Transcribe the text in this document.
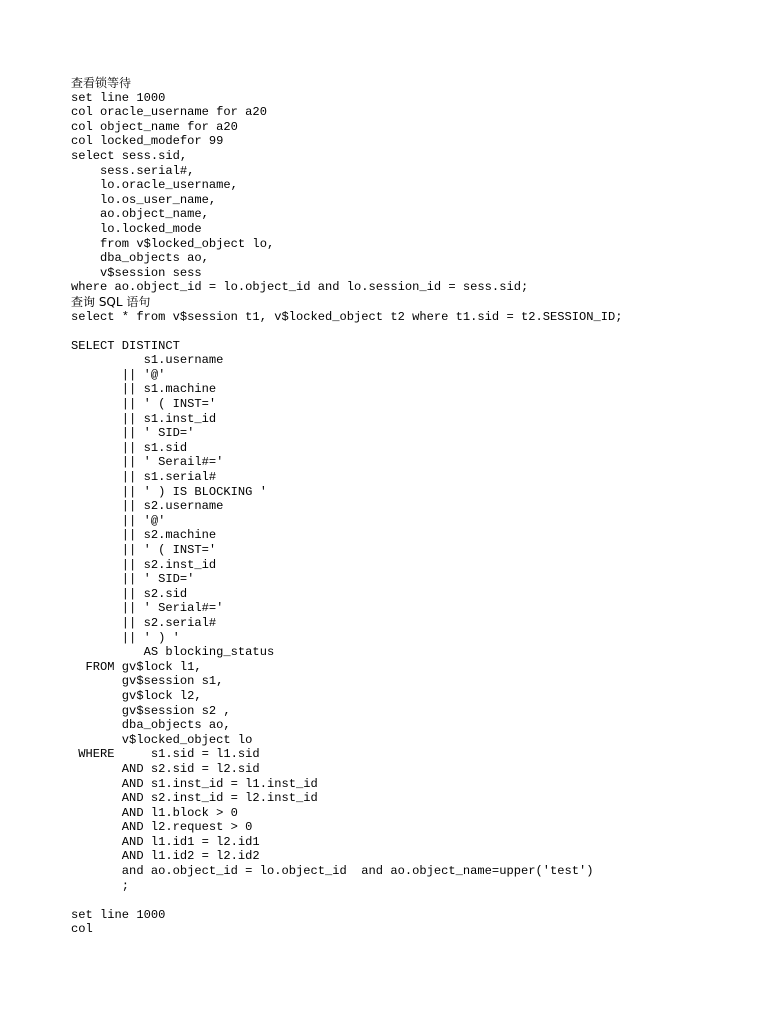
查看锁等待
set line 1000
col oracle_username for a20
col object_name for a20
col locked_modefor 99
select sess.sid,
sess.serial#,
lo.oracle_username,
lo.os_user_name,
ao.object_name,
lo.locked_mode
from v$locked_object lo,
dba_objects ao,
v$session sess
where ao.object_id = lo.object_id and lo.session_id = sess.sid;
查询 SQL 语句
select * from v$session t1, v$locked_object t2 where t1.sid = t2.SESSION_ID;

SELECT DISTINCT
s1.username
|| '@'
|| s1.machine
|| ' ( INST='
|| s1.inst_id
|| ' SID='
|| s1.sid
|| ' Serail#='
|| s1.serial#
|| ' ) IS BLOCKING '
|| s2.username
|| '@'
|| s2.machine
|| ' ( INST='
|| s2.inst_id
|| ' SID='
|| s2.sid
|| ' Serial#='
|| s2.serial#
|| ' ) '
AS blocking_status
FROM gv$lock l1,
gv$session s1,
gv$lock l2,
gv$session s2 ,
dba_objects ao,
v$locked_object lo
WHERE     s1.sid = l1.sid
AND s2.sid = l2.sid
AND s1.inst_id = l1.inst_id
AND s2.inst_id = l2.inst_id
AND l1.block > 0
AND l2.request > 0
AND l1.id1 = l2.id1
AND l1.id2 = l2.id2
and ao.object_id = lo.object_id  and ao.object_name=upper('test')
;

set line 1000
col
